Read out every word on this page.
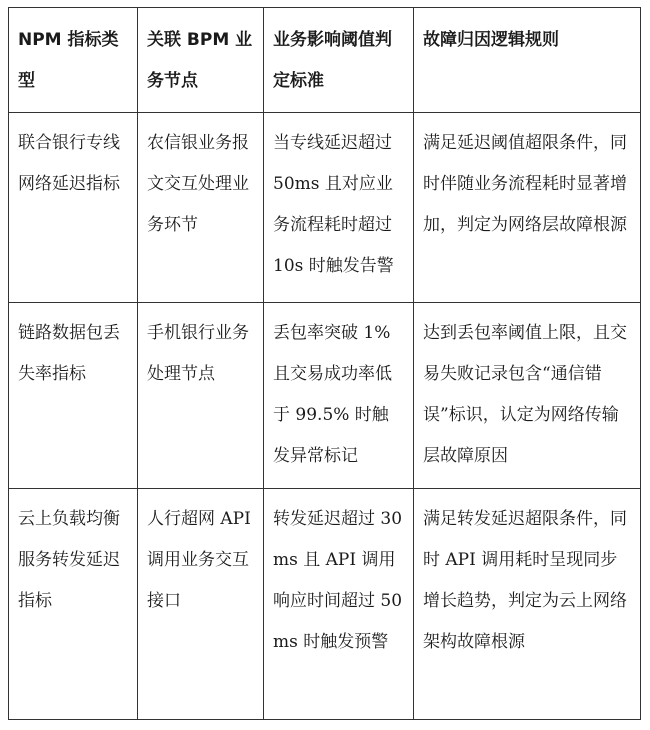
NPM 指标类型	关联 BPM 业务节点	业务影响阈值判定标准	故障归因逻辑规则

联合银行专线网络延迟指标	农信银业务报文交互处理业务环节	当专线延迟超过 50ms 且对应业务流程耗时超过 10s 时触发告警	满足延迟阈值超限条件，同时伴随业务流程耗时显著增加，判定为网络层故障根源

链路数据包丢失率指标	手机银行业务处理节点	丢包率突破 1% 且交易成功率低于 99.5% 时触发异常标记	达到丢包率阈值上限，且交易失败记录包含“通信错误”标识，认定为网络传输层故障原因

云上负载均衡服务转发延迟指标	人行超网 API 调用业务交互接口	转发延迟超过 30ms 且 API 调用响应时间超过 50ms 时触发预警	满足转发延迟超限条件，同时 API 调用耗时呈现同步增长趋势，判定为云上网络架构故障根源
